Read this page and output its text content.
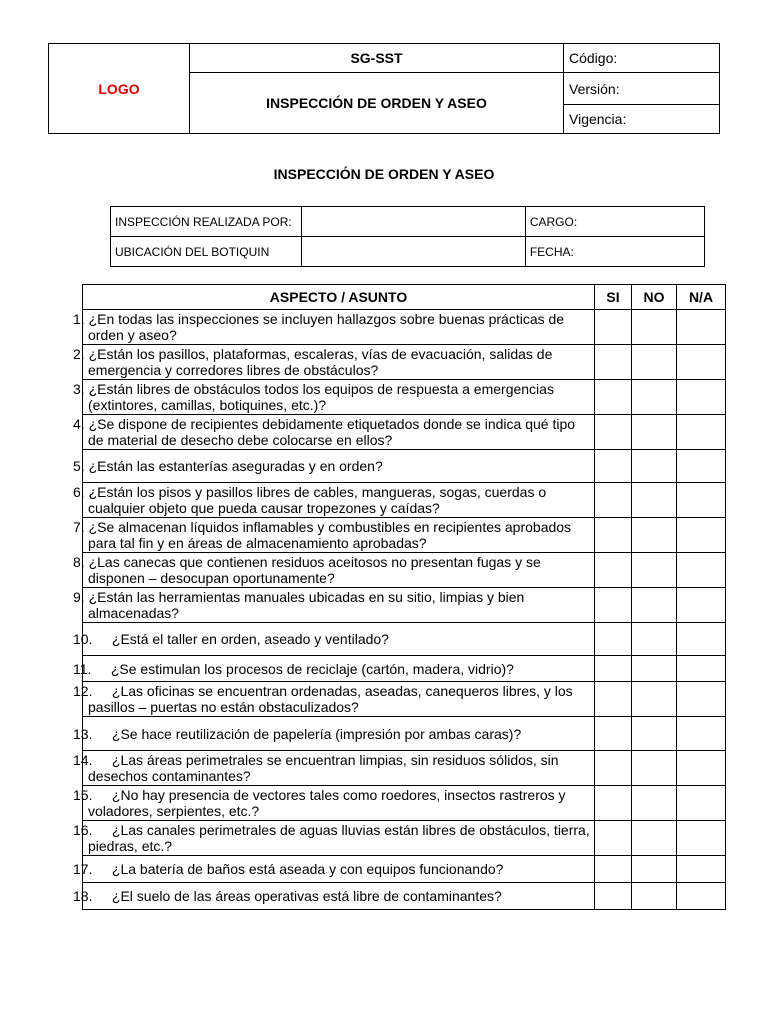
LOGO	SG-SST	Código:
	INSPECCIÓN DE ORDEN Y ASEO	Versión:
		Vigencia:
INSPECCIÓN DE ORDEN Y ASEO
INSPECCIÓN REALIZADA POR:		CARGO:
UBICACIÓN DEL BOTIQUIN		FECHA:
ASPECTO / ASUNTO	SI	NO	N/A
1. ¿En todas las inspecciones se incluyen hallazgos sobre buenas prácticas de orden y aseo?			
2. ¿Están los pasillos, plataformas, escaleras, vías de evacuación, salidas de emergencia y corredores libres de obstáculos?			
3. ¿Están libres de obstáculos todos los equipos de respuesta a emergencias (extintores, camillas, botiquines, etc.)?			
4. ¿Se dispone de recipientes debidamente etiquetados donde se indica qué tipo de material de desecho debe colocarse en ellos?			
5. ¿Están las estanterías aseguradas y en orden?			
6. ¿Están los pisos y pasillos libres de cables, mangueras, sogas, cuerdas o cualquier objeto que pueda causar tropezones y caídas?			
7. ¿Se almacenan líquidos inflamables y combustibles en recipientes aprobados para tal fin y en áreas de almacenamiento aprobadas?			
8. ¿Las canecas que contienen residuos aceitosos no presentan fugas y se disponen – desocupan oportunamente?			
9. ¿Están las herramientas manuales ubicadas en su sitio, limpias y bien almacenadas?			
10.     ¿Está el taller en orden, aseado y ventilado?			
11.     ¿Se estimulan los procesos de reciclaje (cartón, madera, vidrio)?			
12.     ¿Las oficinas se encuentran ordenadas, aseadas, canequeros libres, y los pasillos – puertas no están obstaculizados?			
13.     ¿Se hace reutilización de papelería (impresión por ambas caras)?			
14.     ¿Las áreas perimetrales se encuentran limpias, sin residuos sólidos, sin desechos contaminantes?			
15.     ¿No hay presencia de vectores tales como roedores, insectos rastreros y voladores, serpientes, etc.?			
16.     ¿Las canales perimetrales de aguas lluvias están libres de obstáculos, tierra, piedras, etc.?			
17.     ¿La batería de baños está aseada y con equipos funcionando?			
18.     ¿El suelo de las áreas operativas está libre de contaminantes?			
